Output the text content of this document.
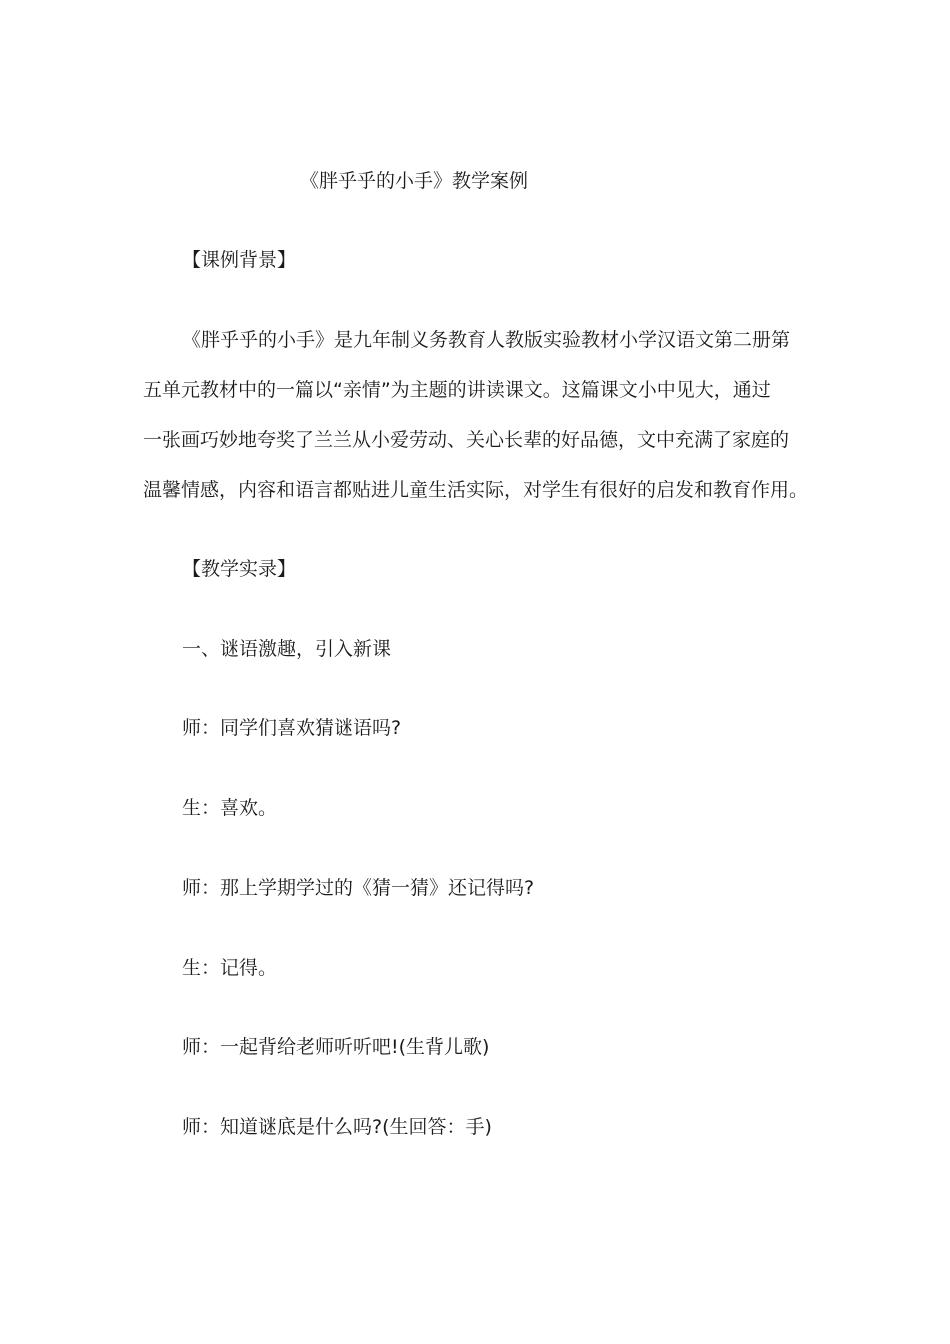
《胖乎乎的小手》教学案例
【课例背景】
《胖乎乎的小手》是九年制义务教育人教版实验教材小学汉语文第二册第
五单元教材中的一篇以“亲情”为主题的讲读课文。这篇课文小中见大，通过
一张画巧妙地夸奖了兰兰从小爱劳动、关心长辈的好品德，文中充满了家庭的
温馨情感，内容和语言都贴进儿童生活实际，对学生有很好的启发和教育作用。
【教学实录】
一、谜语激趣，引入新课
师：同学们喜欢猜谜语吗?
生：喜欢。
师：那上学期学过的《猜一猜》还记得吗?
生：记得。
师：一起背给老师听听吧!(生背儿歌)
师：知道谜底是什么吗?(生回答：手)
